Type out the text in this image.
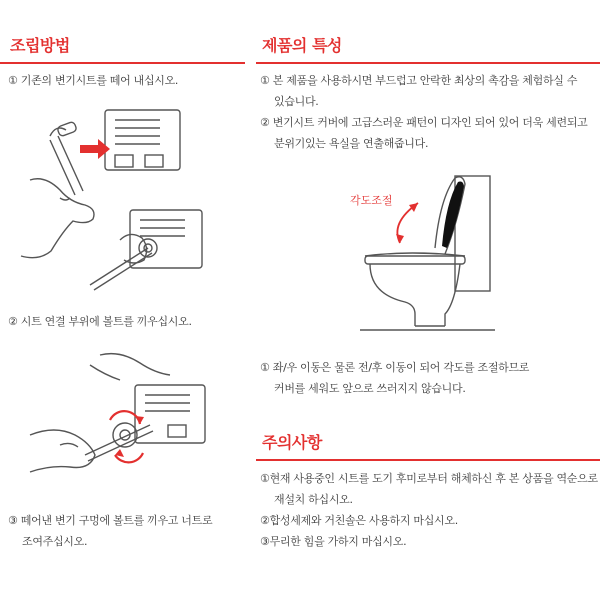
조립방법
① 기존의 변기시트를 떼어 내십시오.
② 시트 연결 부위에 볼트를 끼우십시오.
③ 떼어낸 변기 구멍에 볼트를 끼우고 너트로
조여주십시오.
제품의 특성
① 본 제품을 사용하시면 부드럽고 안락한 최상의 촉감을 체험하실 수
있습니다.
② 변기시트 커버에 고급스러운 패턴이 디자인 되어 있어 더욱 세련되고
분위기있는 욕실을 연출해줍니다.
각도조절
① 좌/우 이동은 물론 전/후 이동이 되어 각도를 조절하므로
커버를 세워도 앞으로 쓰러지지 않습니다.
주의사항
①현재 사용중인 시트를 도기 후미로부터 해체하신 후 본 상품을 역순으로
재설치 하십시오.
②합성세제와 거친솔은 사용하지 마십시오.
③무리한 힘을 가하지 마십시오.
